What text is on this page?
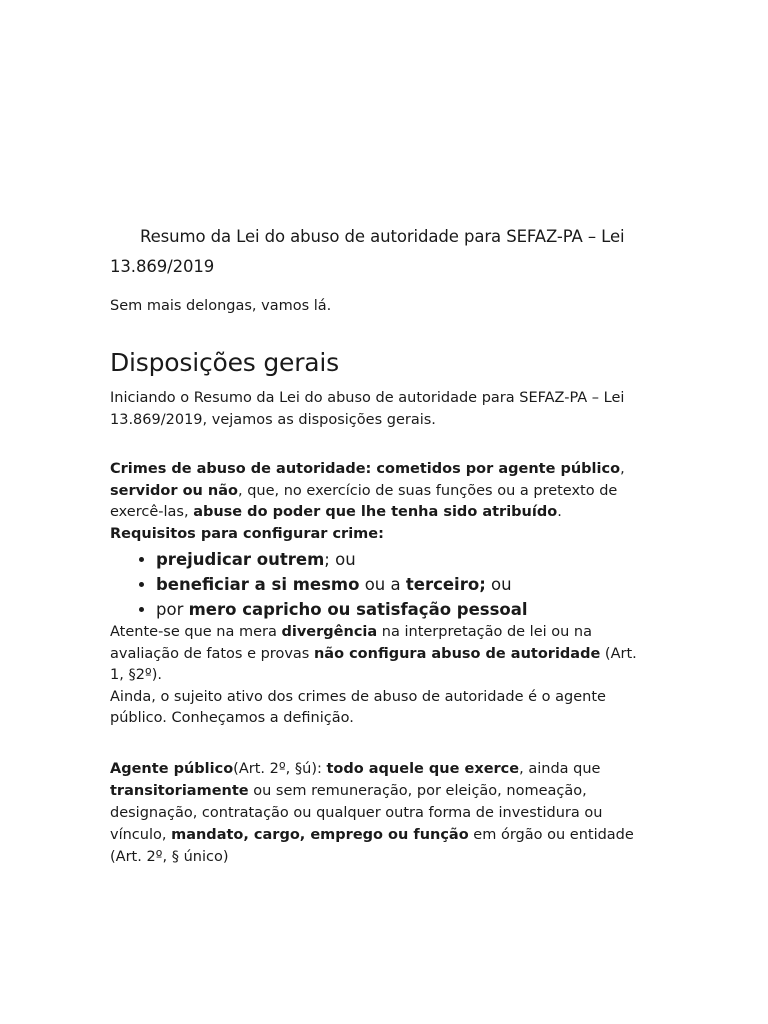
Resumo da Lei do abuso de autoridade para SEFAZ-PA – Lei 13.869/2019

Sem mais delongas, vamos lá.

Disposições gerais

Iniciando o Resumo da Lei do abuso de autoridade para SEFAZ-PA – Lei 13.869/2019, vejamos as disposições gerais.

Crimes de abuso de autoridade: cometidos por agente público, servidor ou não, que, no exercício de suas funções ou a pretexto de exercê-las, abuse do poder que lhe tenha sido atribuído.

Requisitos para configurar crime:

• prejudicar outrem; ou
• beneficiar a si mesmo ou a terceiro; ou
• por mero capricho ou satisfação pessoal

Atente-se que na mera divergência na interpretação de lei ou na avaliação de fatos e provas não configura abuso de autoridade (Art. 1, §2º).

Ainda, o sujeito ativo dos crimes de abuso de autoridade é o agente público. Conheçamos a definição.

Agente público(Art. 2º, §ú): todo aquele que exerce, ainda que transitoriamente ou sem remuneração, por eleição, nomeação, designação, contratação ou qualquer outra forma de investidura ou vínculo, mandato, cargo, emprego ou função em órgão ou entidade (Art. 2º, § único)
